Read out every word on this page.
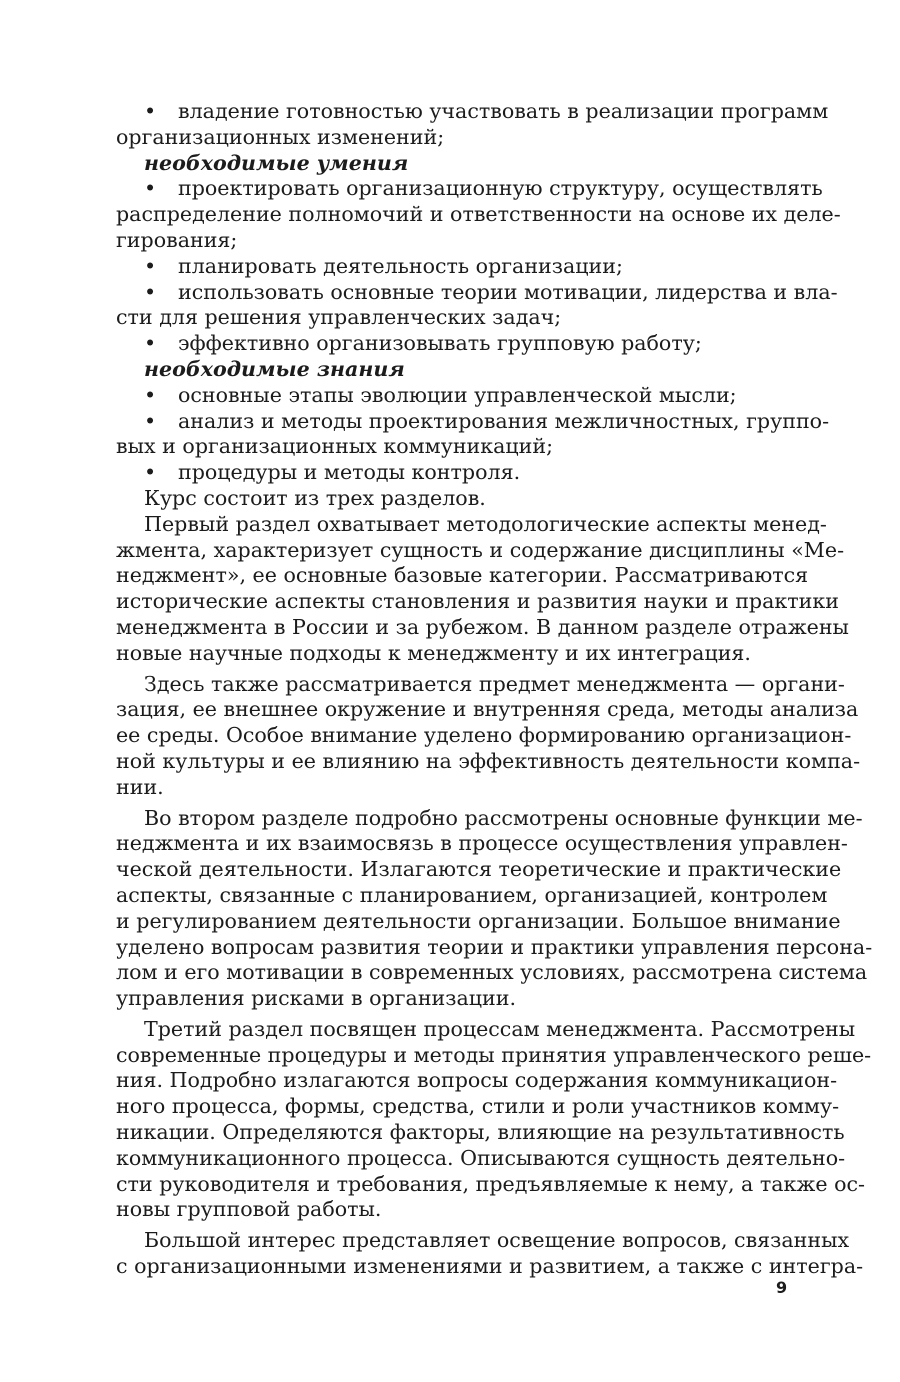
• владение готовностью участвовать в реализации программ
организационных изменений;
необходимые умения
• проектировать организационную структуру, осуществлять
распределение полномочий и ответственности на основе их деле-
гирования;
• планировать деятельность организации;
• использовать основные теории мотивации, лидерства и вла-
сти для решения управленческих задач;
• эффективно организовывать групповую работу;
необходимые знания
• основные этапы эволюции управленческой мысли;
• анализ и методы проектирования межличностных, группо-
вых и организационных коммуникаций;
• процедуры и методы контроля.
Курс состоит из трех разделов.
Первый раздел охватывает методологические аспекты менед-
жмента, характеризует сущность и содержание дисциплины «Ме-
неджмент», ее основные базовые категории. Рассматриваются
исторические аспекты становления и развития науки и практики
менеджмента в России и за рубежом. В данном разделе отражены
новые научные подходы к менеджменту и их интеграция.
Здесь также рассматривается предмет менеджмента — органи-
зация, ее внешнее окружение и внутренняя среда, методы анализа
ее среды. Особое внимание уделено формированию организацион-
ной культуры и ее влиянию на эффективность деятельности компа-
нии.
Во втором разделе подробно рассмотрены основные функции ме-
неджмента и их взаимосвязь в процессе осуществления управлен-
ческой деятельности. Излагаются теоретические и практические
аспекты, связанные с планированием, организацией, контролем
и регулированием деятельности организации. Большое внимание
уделено вопросам развития теории и практики управления персона-
лом и его мотивации в современных условиях, рассмотрена система
управления рисками в организации.
Третий раздел посвящен процессам менеджмента. Рассмотрены
современные процедуры и методы принятия управленческого реше-
ния. Подробно излагаются вопросы содержания коммуникацион-
ного процесса, формы, средства, стили и роли участников комму-
никации. Определяются факторы, влияющие на результативность
коммуникационного процесса. Описываются сущность деятельно-
сти руководителя и требования, предъявляемые к нему, а также ос-
новы групповой работы.
Большой интерес представляет освещение вопросов, связанных
с организационными изменениями и развитием, а также с интегра-
9
